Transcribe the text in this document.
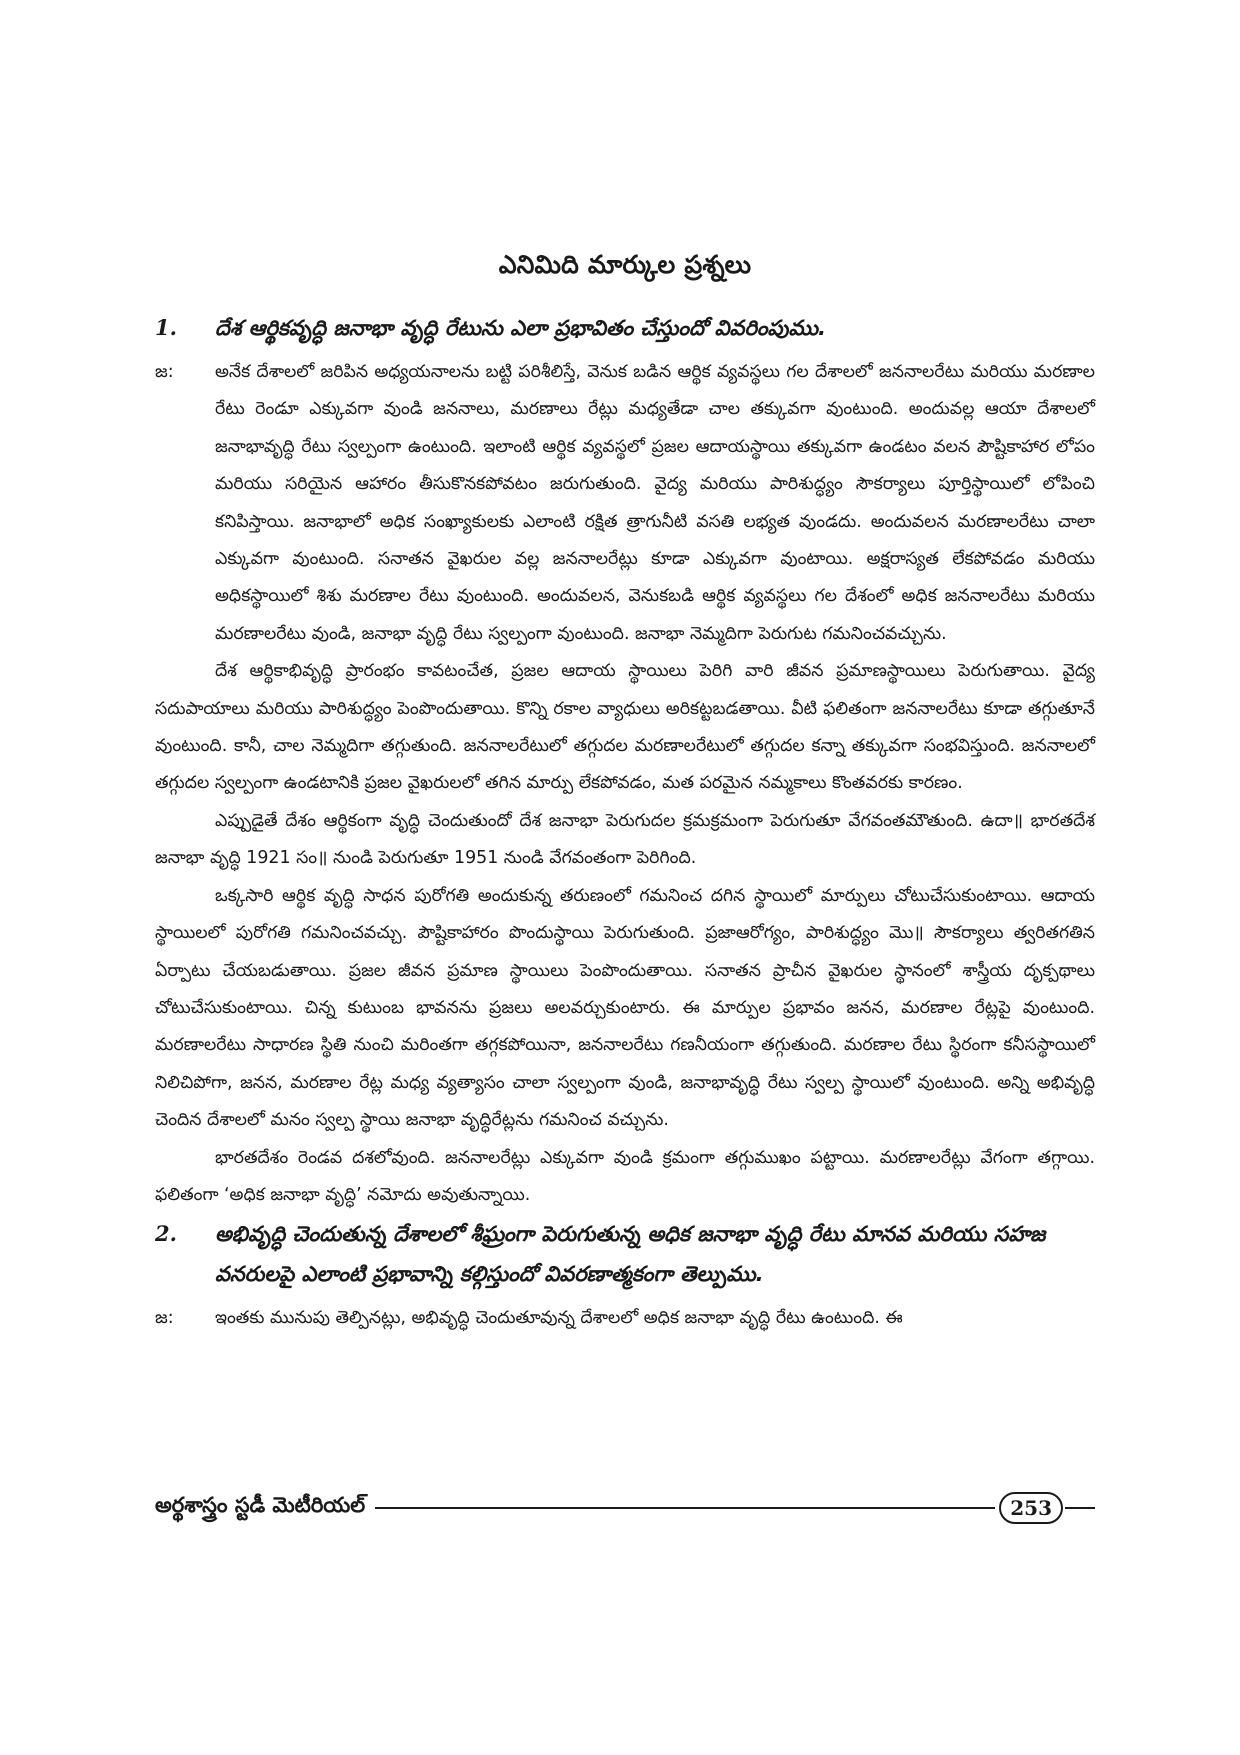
ఎనిమిది మార్కుల ప్రశ్నలు
1.	దేశ ఆర్థికవృద్ధి జనాభా వృద్ధి రేటును ఎలా ప్రభావితం చేస్తుందో వివరింపుము.
జ:	అనేక దేశాలలో జరిపిన అధ్యయనాలను బట్టి పరిశీలిస్తే, వెనుక బడిన ఆర్థిక వ్యవస్థలు గల దేశాలలో జననాలరేటు మరియు మరణాల రేటు రెండూ ఎక్కువగా వుండి జననాలు, మరణాలు రేట్లు మధ్యతేడా చాల తక్కువగా వుంటుంది. అందువల్ల ఆయా దేశాలలో జనాభావృద్ధి రేటు స్వల్పంగా ఉంటుంది. ఇలాంటి ఆర్థిక వ్యవస్థలో ప్రజల ఆదాయస్థాయి తక్కువగా ఉండటం వలన పౌష్టికాహార లోపం మరియు సరియైన ఆహారం తీసుకొనకపోవటం జరుగుతుంది. వైద్య మరియు పారిశుద్ధ్యం సౌకర్యాలు పూర్తిస్థాయిలో లోపించి కనిపిస్తాయి. జనాభాలో అధిక సంఖ్యాకులకు ఎలాంటి రక్షిత త్రాగునీటి వసతి లభ్యత వుండదు. అందువలన మరణాలరేటు చాలా ఎక్కువగా వుంటుంది. సనాతన వైఖరుల వల్ల జననాలరేట్లు కూడా ఎక్కువగా వుంటాయి. అక్షరాస్యత లేకపోవడం మరియు అధికస్థాయిలో శిశు మరణాల రేటు వుంటుంది. అందువలన, వెనుకబడి ఆర్థిక వ్యవస్థలు గల దేశంలో అధిక జననాలరేటు మరియు మరణాలరేటు వుండి, జనాభా వృద్ధి రేటు స్వల్పంగా వుంటుంది. జనాభా నెమ్మదిగా పెరుగుట గమనించవచ్చును.

దేశ ఆర్థికాభివృద్ధి ప్రారంభం కావటంచేత, ప్రజల ఆదాయ స్థాయిలు పెరిగి వారి జీవన ప్రమాణస్థాయిలు పెరుగుతాయి. వైద్య సదుపాయాలు మరియు పారిశుద్ధ్యం పెంపొందుతాయి. కొన్ని రకాల వ్యాధులు అరికట్టబడతాయి. వీటి ఫలితంగా జననాలరేటు కూడా తగ్గుతూనే వుంటుంది. కానీ, చాల నెమ్మదిగా తగ్గుతుంది. జననాలరేటులో తగ్గుదల మరణాలరేటులో తగ్గుదల కన్నా తక్కువగా సంభవిస్తుంది. జననాలలో తగ్గుదల స్వల్పంగా ఉండటానికి ప్రజల వైఖరులలో తగిన మార్పు లేకపోవడం, మత పరమైన నమ్మకాలు కొంతవరకు కారణం.

ఎప్పుడైతే దేశం ఆర్థికంగా వృద్ధి చెందుతుందో దేశ జనాభా పెరుగుదల క్రమక్రమంగా పెరుగుతూ వేగవంతమౌతుంది. ఉదా॥ భారతదేశ జనాభా వృద్ధి 1921 సం॥ నుండి పెరుగుతూ 1951 నుండి వేగవంతంగా పెరిగింది.

ఒక్కసారి ఆర్థిక వృద్ధి సాధన పురోగతి అందుకున్న తరుణంలో గమనించ దగిన స్థాయిలో మార్పులు చోటుచేసుకుంటాయి. ఆదాయ స్థాయిలలో పురోగతి గమనించవచ్చు. పౌష్టికాహారం పొందుస్థాయి పెరుగుతుంది. ప్రజాఆరోగ్యం, పారిశుద్ధ్యం మొ॥ సౌకర్యాలు త్వరితగతిన ఏర్పాటు చేయబడుతాయి. ప్రజల జీవన ప్రమాణ స్థాయిలు పెంపొందుతాయి. సనాతన ప్రాచీన వైఖరుల స్థానంలో శాస్త్రీయ దృక్పథాలు చోటుచేసుకుంటాయి. చిన్న కుటుంబ భావనను ప్రజలు అలవర్చుకుంటారు. ఈ మార్పుల ప్రభావం జనన, మరణాల రేట్లపై వుంటుంది. మరణాలరేటు సాధారణ స్థితి నుంచి మరింతగా తగ్గకపోయినా, జననాలరేటు గణనీయంగా తగ్గుతుంది. మరణాల రేటు స్థిరంగా కనీసస్థాయిలో నిలిచిపోగా, జనన, మరణాల రేట్ల మధ్య వ్యత్యాసం చాలా స్వల్పంగా వుండి, జనాభావృద్ధి రేటు స్వల్ప స్థాయిలో వుంటుంది. అన్ని అభివృద్ధి చెందిన దేశాలలో మనం స్వల్ప స్థాయి జనాభా వృద్ధిరేట్లను గమనించ వచ్చును.

భారతదేశం రెండవ దశలోవుంది. జననాలరేట్లు ఎక్కువగా వుండి క్రమంగా తగ్గుముఖం పట్టాయి. మరణాలరేట్లు వేగంగా తగ్గాయి. ఫలితంగా ‘అధిక జనాభా వృద్ధి’ నమోదు అవుతున్నాయి.

2.	అభివృద్ధి చెందుతున్న దేశాలలో శీఘ్రంగా పెరుగుతున్న అధిక జనాభా వృద్ధి రేటు మానవ మరియు సహజ వనరులపై ఎలాంటి ప్రభావాన్ని కల్గిస్తుందో వివరణాత్మకంగా తెల్పుము.
జ:	ఇంతకు మునుపు తెల్పినట్లు, అభివృద్ధి చెందుతూవున్న దేశాలలో అధిక జనాభా వృద్ధి రేటు ఉంటుంది. ఈ
అర్థశాస్త్రం స్టడీ మెటీరియల్	253
